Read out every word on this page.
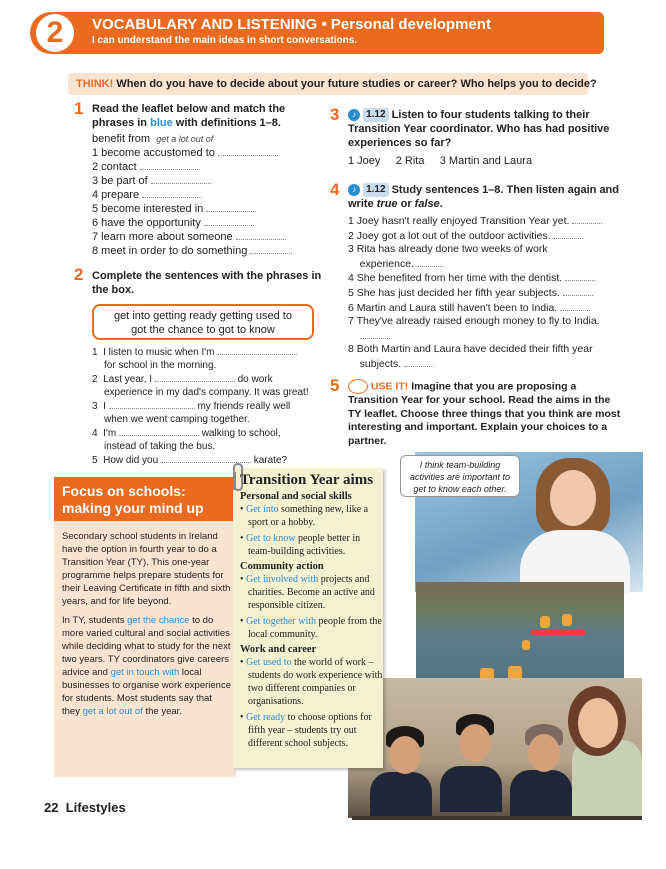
2	VOCABULARY AND LISTENING • Personal development
I can understand the main ideas in short conversations.
THINK! When do you have to decide about your future studies or career? Who helps you to decide?
1 Read the leaflet below and match the
phrases in blue with definitions 1–8.
benefit from get a lot out of
1 become accustomed to
2 contact
3 be part of
4 prepare
5 become interested in
6 have the opportunity
7 learn more about someone
8 meet in order to do something
2 Complete the sentences with the phrases in
the box.
get into getting ready getting used to
got the chance to got to know
1 I listen to music when I'm
for school in the morning.
2 Last year, I	do work
experience in my dad's company. It was great!
3 I	my friends really well
when we went camping together.
4 I'm	walking to school,
instead of taking the bus.
5 How did you	karate?
3	♪ 1.12 Listen to four students talking to their
Transition Year coordinator. Who has had positive
experiences so far?
1 Joey 2 Rita 3 Martin and Laura
4	♪ 1.12 Study sentences 1–8. Then listen again and
write true or false.
1 Joey hasn't really enjoyed Transition Year yet.
2 Joey got a lot out of the outdoor activities.
3 Rita has already done two weeks of work
experience.
4 She benefited from her time with the dentist.
5 She has just decided her fifth year subjects.
6 Martin and Laura still haven't been to India.
7 They've already raised enough money to fly to India.
8 Both Martin and Laura have decided their fifth year
subjects.
5	USE IT! Imagine that you are proposing a
Transition Year for your school. Read the aims in the
TY leaflet. Choose three things that you think are most
interesting and important. Explain your choices to a
partner.
I think team-building
activities are important to
get to know each other.
Focus on schools:
making your mind up

Secondary school students in Ireland have the option in fourth year to do a Transition Year (TY). This one-year programme helps prepare students for their Leaving Certificate in fifth and sixth years, and for life beyond.

In TY, students get the chance to do more varied cultural and social activities while deciding what to study for the next two years. TY coordinators give careers advice and get in touch with local businesses to organise work experience for students. Most students say that they get a lot out of the year.

Transition Year aims
Personal and social skills
• Get into something new, like a sport or a hobby.
• Get to know people better in team-building activities.
Community action
• Get involved with projects and charities. Become an active and responsible citizen.
• Get together with people from the local community.
Work and career
• Get used to the world of work – students do work experience with two different companies or organisations.
• Get ready to choose options for fifth year – students try out different school subjects.
22 Lifestyles
